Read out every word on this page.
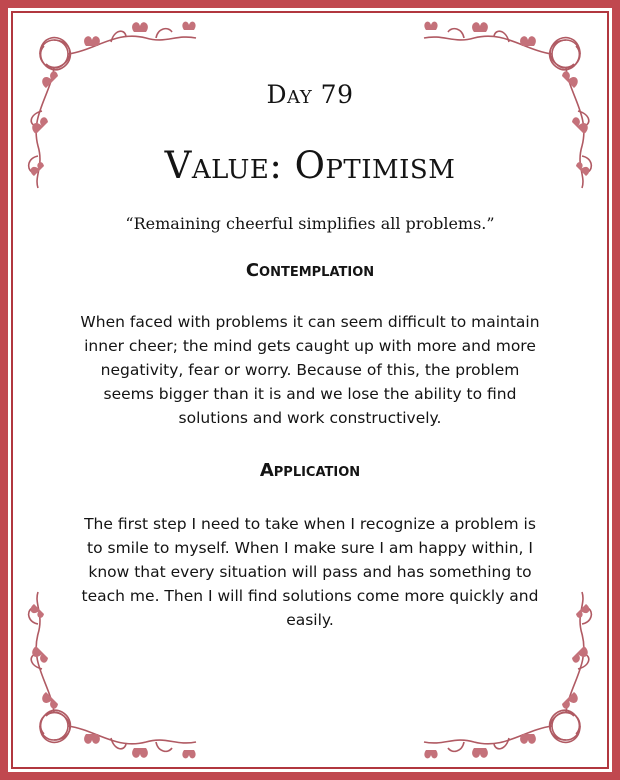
Day 79
Value: Optimism
“Remaining cheerful simplifies all problems.”
Contemplation
When faced with problems it can seem difficult to maintain inner cheer; the mind gets caught up with more and more negativity, fear or worry. Because of this, the problem seems bigger than it is and we lose the ability to find solutions and work constructively.
Application
The first step I need to take when I recognize a problem is to smile to myself. When I make sure I am happy within, I know that every situation will pass and has something to teach me. Then I will find solutions come more quickly and easily.
